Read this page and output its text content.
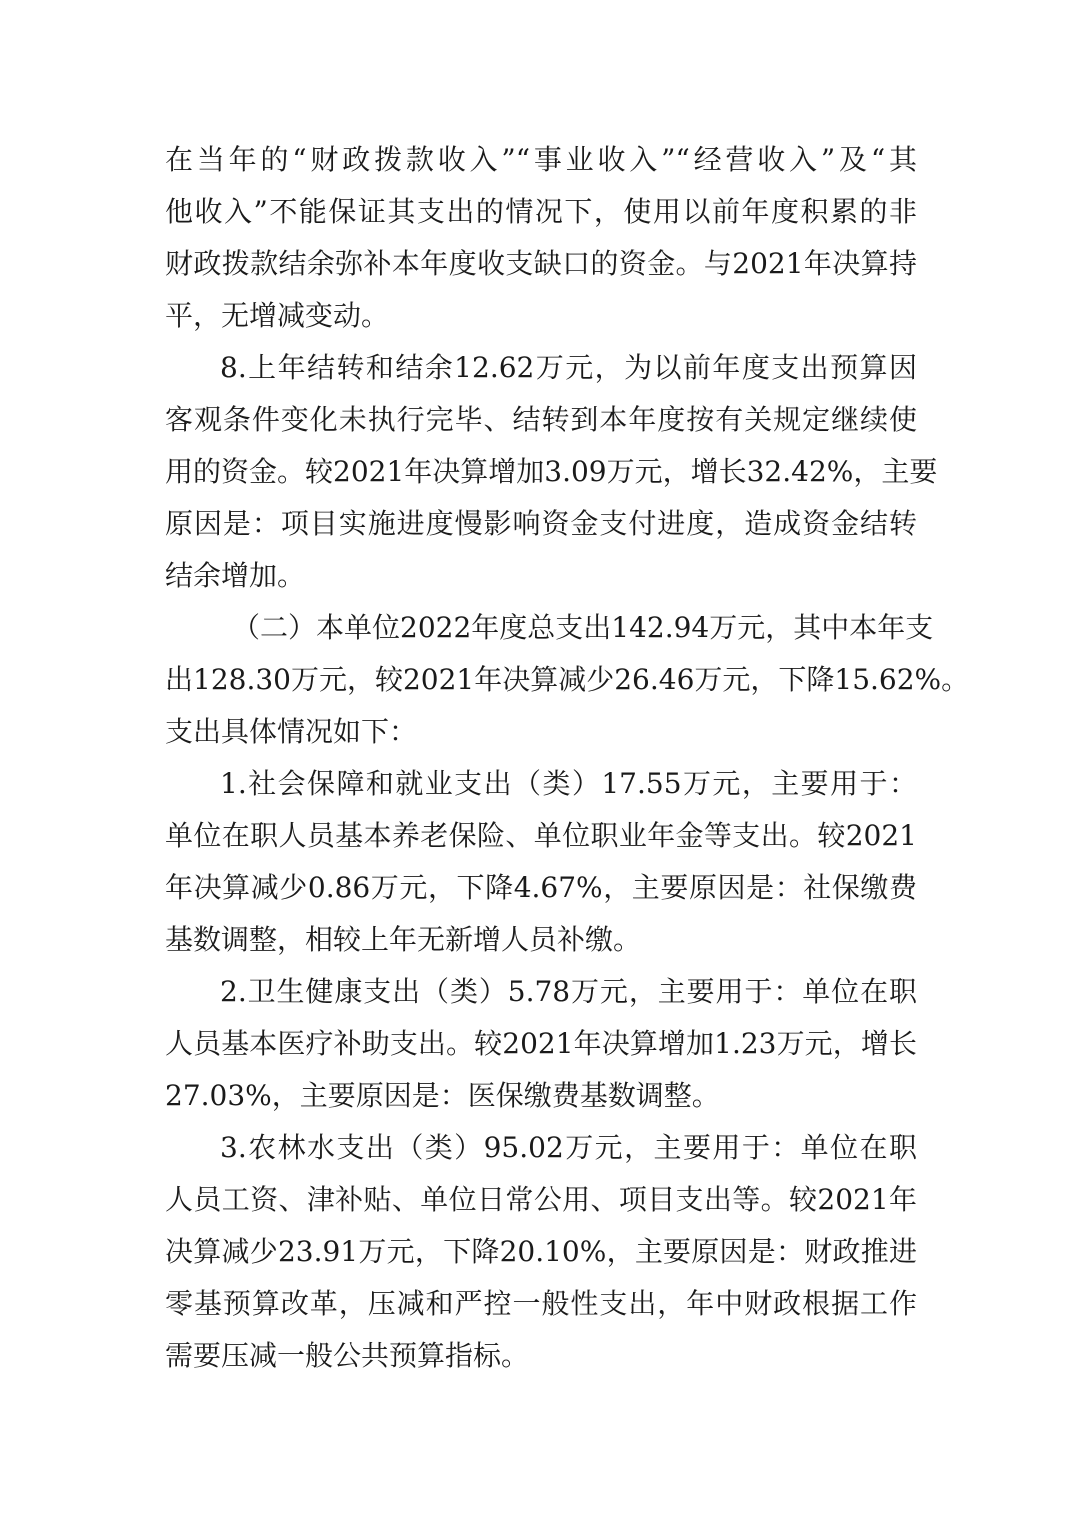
在当年的“财政拨款收入”“事业收入”“经营收入”及“其
他收入”不能保证其支出的情况下，使用以前年度积累的非
财政拨款结余弥补本年度收支缺口的资金。与2021年决算持
平，无增减变动。
8.上年结转和结余12.62万元，为以前年度支出预算因
客观条件变化未执行完毕、结转到本年度按有关规定继续使
用的资金。较2021年决算增加3.09万元，增长32.42%，主要
原因是：项目实施进度慢影响资金支付进度，造成资金结转
结余增加。
（二）本单位2022年度总支出142.94万元，其中本年支
出128.30万元，较2021年决算减少26.46万元，下降15.62%。
支出具体情况如下：
1.社会保障和就业支出（类）17.55万元，主要用于：
单位在职人员基本养老保险、单位职业年金等支出。较2021
年决算减少0.86万元，下降4.67%，主要原因是：社保缴费
基数调整，相较上年无新增人员补缴。
2.卫生健康支出（类）5.78万元，主要用于：单位在职
人员基本医疗补助支出。较2021年决算增加1.23万元，增长
27.03%，主要原因是：医保缴费基数调整。
3.农林水支出（类）95.02万元，主要用于：单位在职
人员工资、津补贴、单位日常公用、项目支出等。较2021年
决算减少23.91万元，下降20.10%，主要原因是：财政推进
零基预算改革，压减和严控一般性支出，年中财政根据工作
需要压减一般公共预算指标。
